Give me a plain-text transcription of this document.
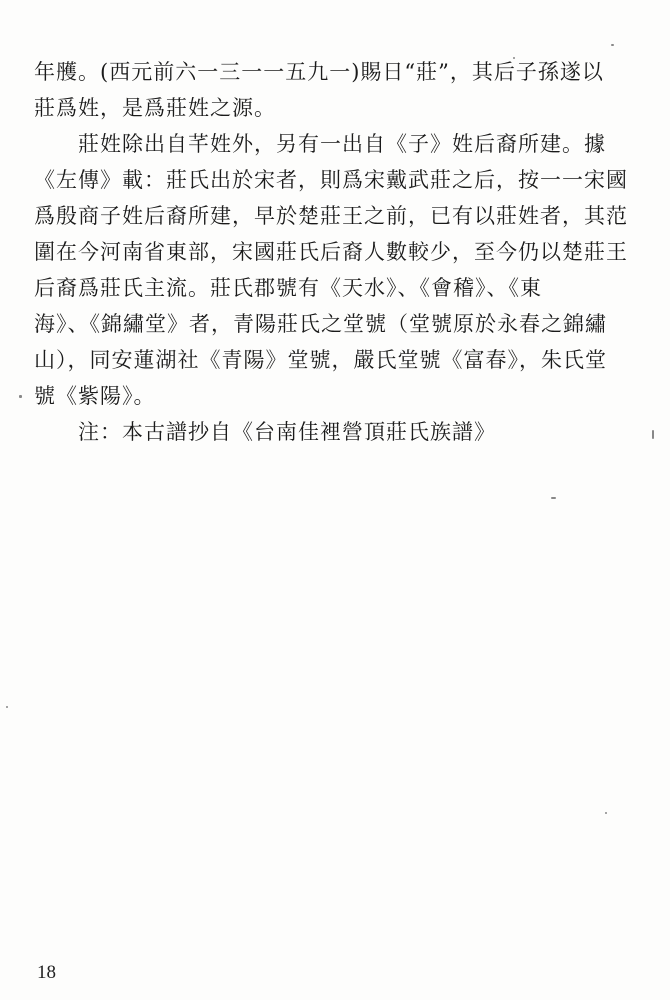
年雘。(西元前六一三一一五九一)賜日“莊”，其后子孫遂以
莊爲姓，是爲莊姓之源。
　　莊姓除出自芊姓外，另有一出自《子》姓后裔所建。據
《左傳》載：莊氏出於宋者，則爲宋戴武莊之后，按一一宋國
爲殷商子姓后裔所建，早於楚莊王之前，已有以莊姓者，其范
圍在今河南省東部，宋國莊氏后裔人數較少，至今仍以楚莊王
后裔爲莊氏主流。莊氏郡號有《天水》、《會稽》、《東
海》、《錦繡堂》者，青陽莊氏之堂號（堂號原於永春之錦繡
山），同安蓮湖社《青陽》堂號，嚴氏堂號《富春》，朱氏堂
號《紫陽》。
　　注：本古譜抄自《台南佳裡營頂莊氏族譜》
18
